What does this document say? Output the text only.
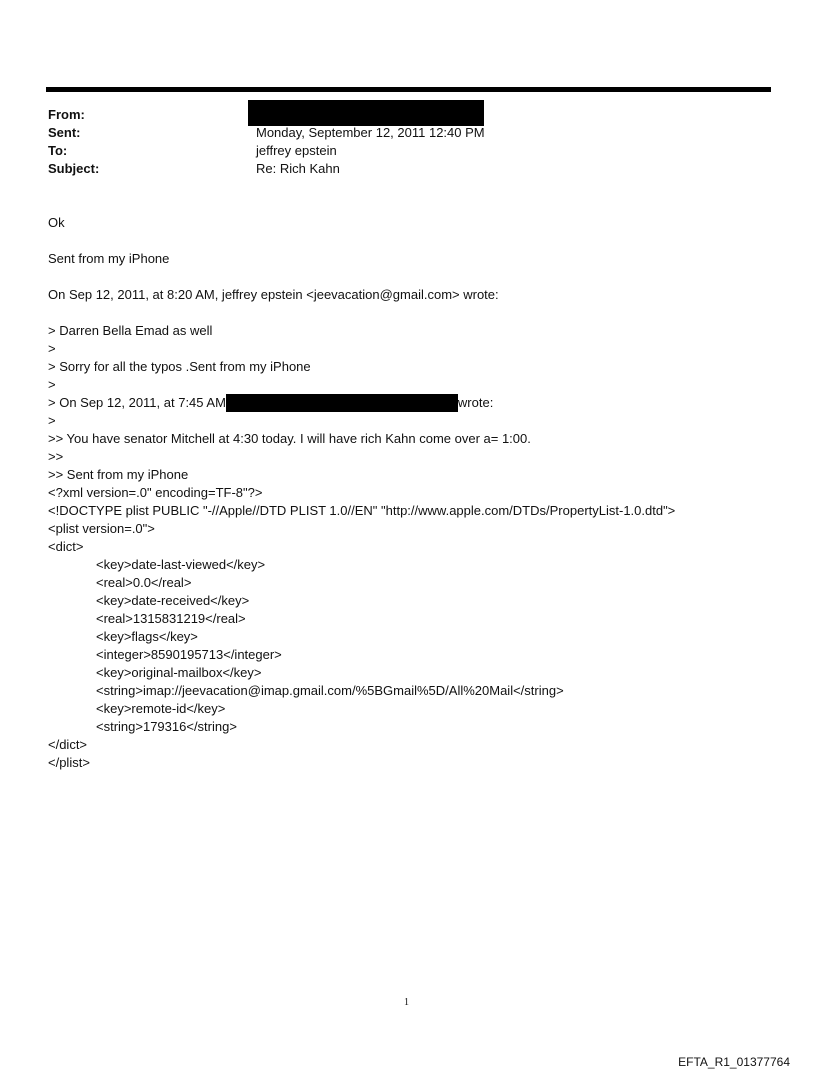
From:
Sent:	Monday, September 12, 2011 12:40 PM
To:	jeffrey epstein
Subject:	Re: Rich Kahn
Ok
Sent from my iPhone
On Sep 12, 2011, at 8:20 AM, jeffrey epstein <jeevacation@gmail.com> wrote:
> Darren Bella Emad as well
>
> Sorry for all the typos .Sent from my iPhone
>
> On Sep 12, 2011, at 7:45 AM	wrote:
>
>> You have senator Mitchell at 4:30 today. I will have rich Kahn come over a= 1:00.
>>
>> Sent from my iPhone
<?xml version=.0" encoding=TF-8"?>
<!DOCTYPE plist PUBLIC "-//Apple//DTD PLIST 1.0//EN" "http://www.apple.com/DTDs/PropertyList-1.0.dtd">
<plist version=.0">
<dict>
<key>date-last-viewed</key>
<real>0.0</real>
<key>date-received</key>
<real>1315831219</real>
<key>flags</key>
<integer>8590195713</integer>
<key>original-mailbox</key>
<string>imap://jeevacation@imap.gmail.com/%5BGmail%5D/All%20Mail</string>
<key>remote-id</key>
<string>179316</string>
</dict>
</plist>
1
EFTA_R1_01377764
